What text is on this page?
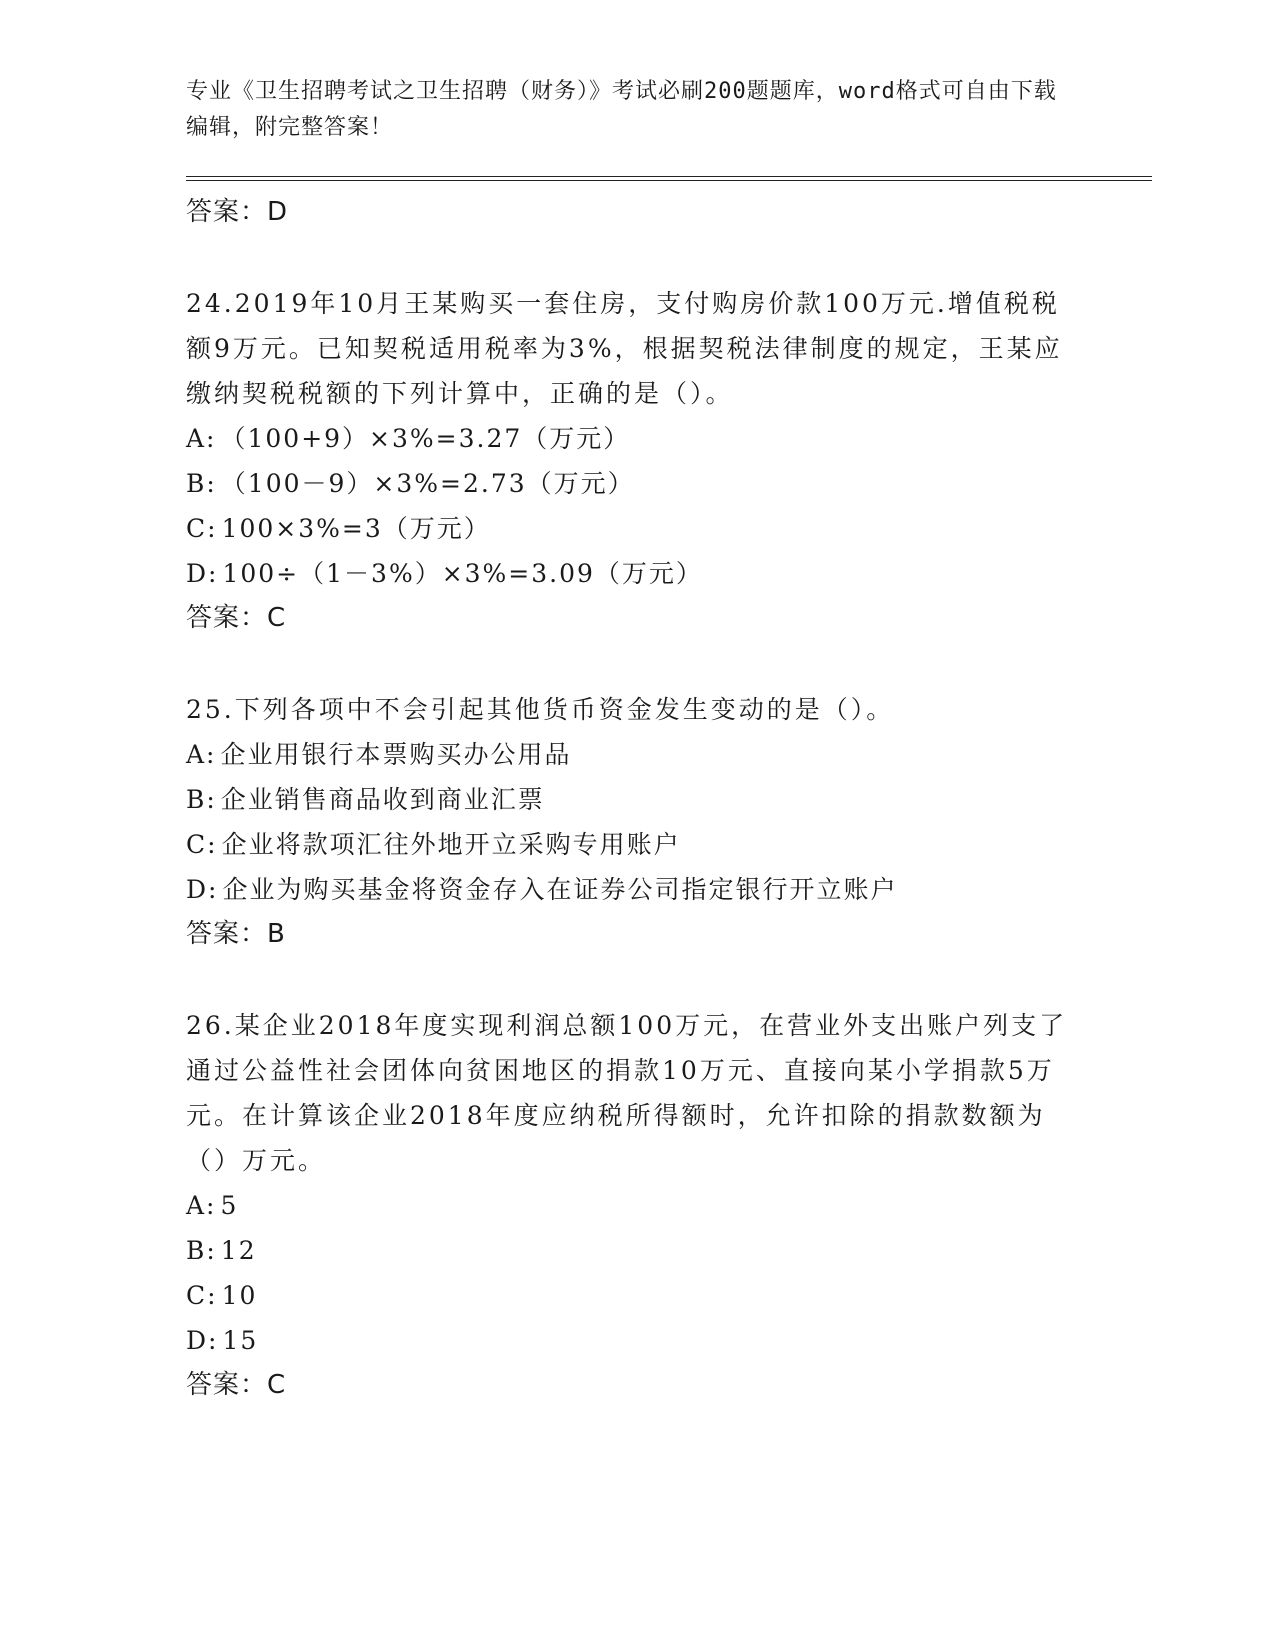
专业《卫生招聘考试之卫生招聘（财务）》考试必刷200题题库，word格式可自由下载编辑，附完整答案！
答案：D
24.2019年10月王某购买一套住房，支付购房价款100万元.增值税税额9万元。已知契税适用税率为3%，根据契税法律制度的规定，王某应缴纳契税税额的下列计算中，正确的是（）。
A: （100+9）×3%=3.27（万元）
B: （100－9）×3%=2.73（万元）
C: 100×3%=3（万元）
D: 100÷（1－3%）×3%=3.09（万元）
答案：C
25.下列各项中不会引起其他货币资金发生变动的是（）。
A: 企业用银行本票购买办公用品
B: 企业销售商品收到商业汇票
C: 企业将款项汇往外地开立采购专用账户
D: 企业为购买基金将资金存入在证券公司指定银行开立账户
答案：B
26.某企业2018年度实现利润总额100万元，在营业外支出账户列支了通过公益性社会团体向贫困地区的捐款10万元、直接向某小学捐款5万元。在计算该企业2018年度应纳税所得额时，允许扣除的捐款数额为（）万元。
A: 5
B: 12
C: 10
D: 15
答案：C
